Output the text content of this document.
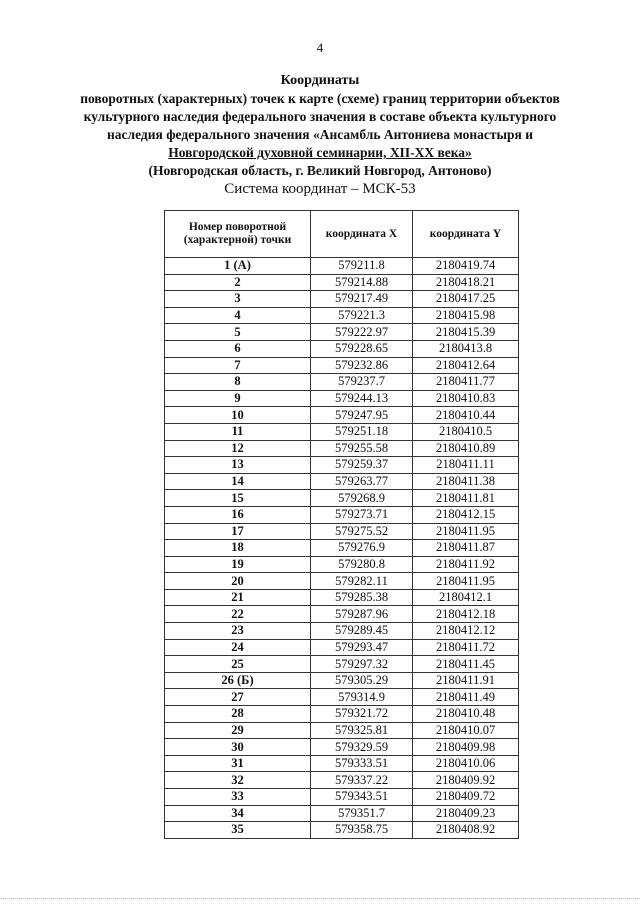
4
Координаты
поворотных (характерных) точек к карте (схеме) границ территории объектов
культурного наследия федерального значения в составе объекта культурного
наследия федерального значения «Ансамбль Антониева монастыря и
Новгородской духовной семинарии, XII-XX века»
(Новгородская область, г. Великий Новгород, Антоново)
Система координат – МСК-53
Номер поворотной (характерной) точки	координата X	координата Y
1 (А)	579211.8	2180419.74
2	579214.88	2180418.21
3	579217.49	2180417.25
4	579221.3	2180415.98
5	579222.97	2180415.39
6	579228.65	2180413.8
7	579232.86	2180412.64
8	579237.7	2180411.77
9	579244.13	2180410.83
10	579247.95	2180410.44
11	579251.18	2180410.5
12	579255.58	2180410.89
13	579259.37	2180411.11
14	579263.77	2180411.38
15	579268.9	2180411.81
16	579273.71	2180412.15
17	579275.52	2180411.95
18	579276.9	2180411.87
19	579280.8	2180411.92
20	579282.11	2180411.95
21	579285.38	2180412.1
22	579287.96	2180412.18
23	579289.45	2180412.12
24	579293.47	2180411.72
25	579297.32	2180411.45
26 (Б)	579305.29	2180411.91
27	579314.9	2180411.49
28	579321.72	2180410.48
29	579325.81	2180410.07
30	579329.59	2180409.98
31	579333.51	2180410.06
32	579337.22	2180409.92
33	579343.51	2180409.72
34	579351.7	2180409.23
35	579358.75	2180408.92
